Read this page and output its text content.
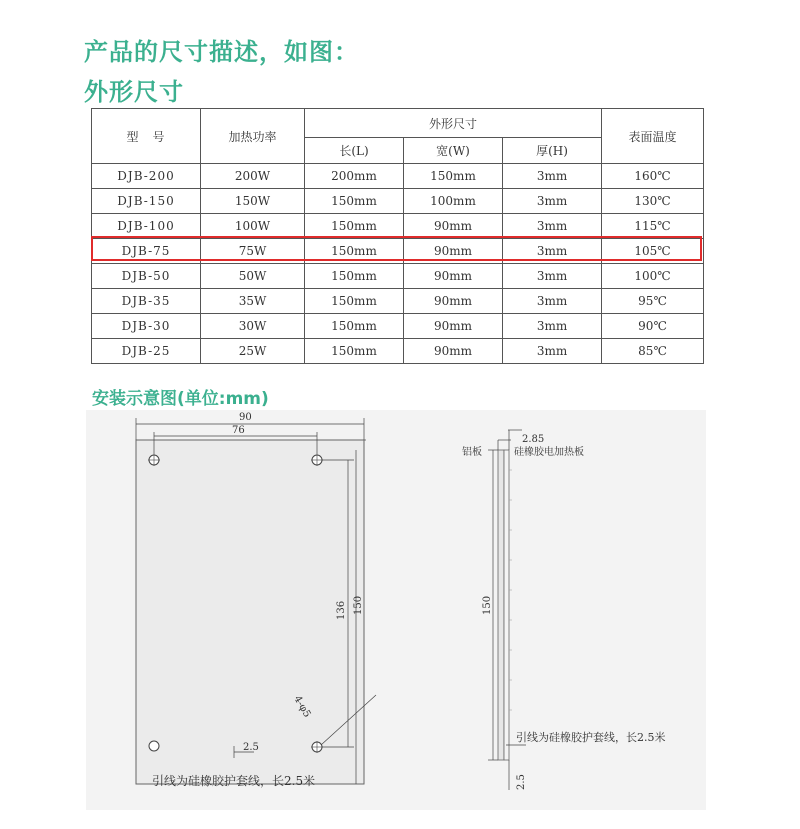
产品的尺寸描述，如图：
外形尺寸
型　号	加热功率	外形尺寸			表面温度
		长(L)	宽(W)	厚(H)	
DJB-200	200W	200mm	150mm	3mm	160℃
DJB-150	150W	150mm	100mm	3mm	130℃
DJB-100	100W	150mm	90mm	3mm	115℃
DJB-75	75W	150mm	90mm	3mm	105℃
DJB-50	50W	150mm	90mm	3mm	100℃
DJB-35	35W	150mm	90mm	3mm	95℃
DJB-30	30W	150mm	90mm	3mm	90℃
DJB-25	25W	150mm	90mm	3mm	85℃
安装示意图(单位:mm)
90
76
136 150
4-φ5
2.5
引线为硅橡胶护套线，长2.5米
2.85
铝板	硅橡胶电加热板
150
引线为硅橡胶护套线，长2.5米
2.5
